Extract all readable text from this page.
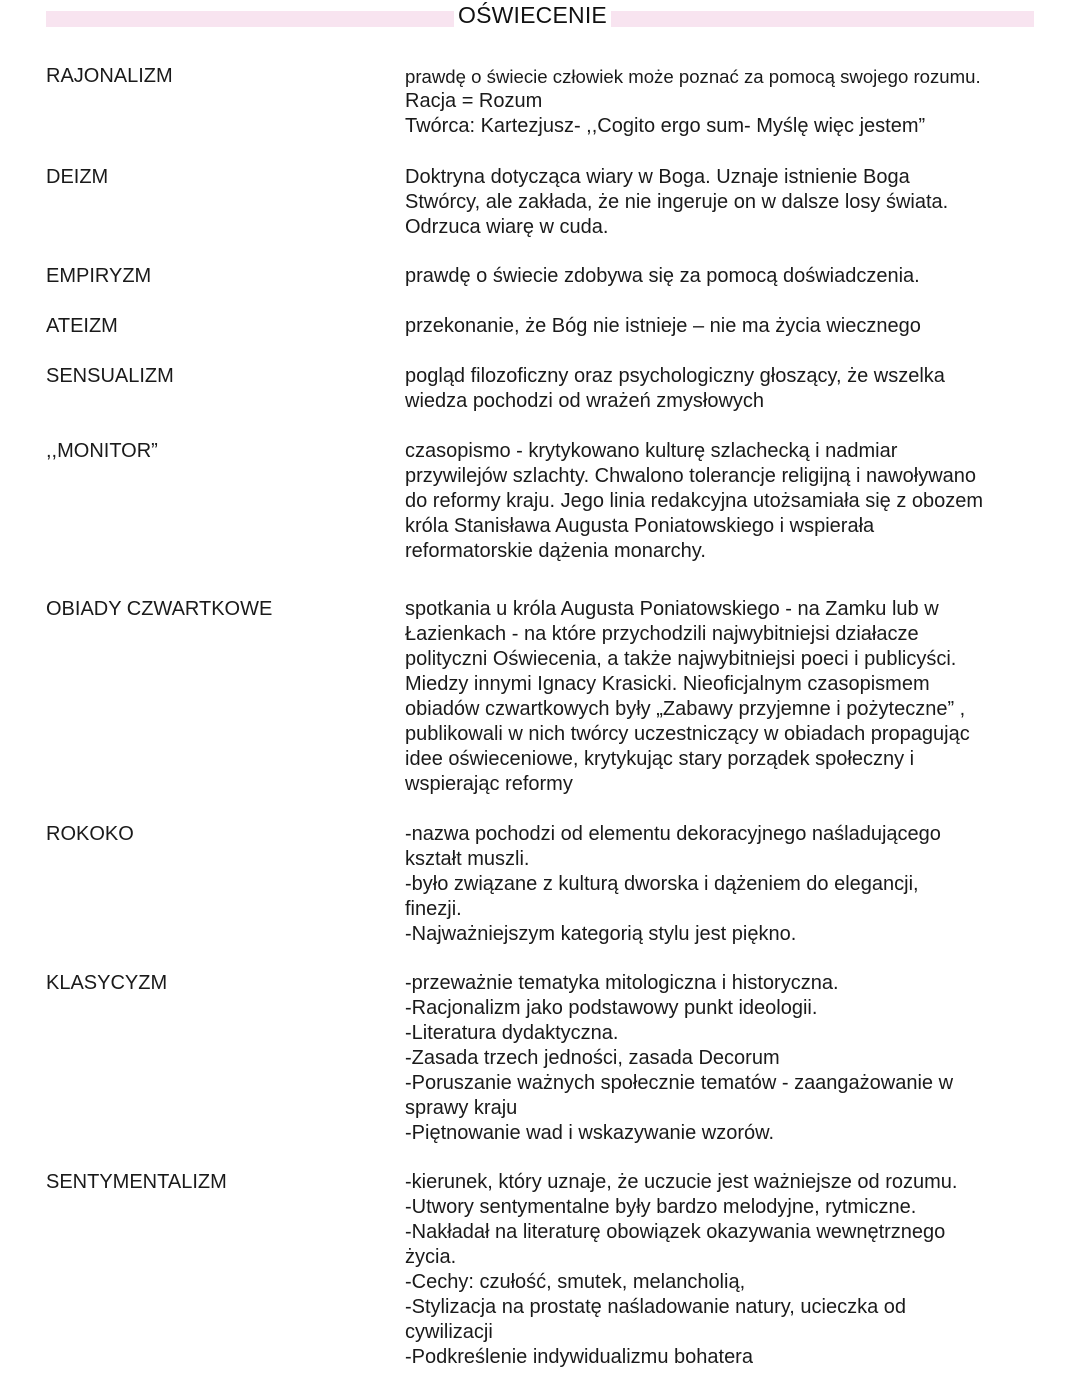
OŚWIECENIE
RAJONALIZM	prawdę o świecie człowiek może poznać za pomocą swojego rozumu.
Racja = Rozum
Twórca: Kartezjusz- ,,Cogito ergo sum- Myślę więc jestem”
DEIZM	Doktryna dotycząca wiary w Boga. Uznaje istnienie Boga
Stwórcy, ale zakłada, że nie ingeruje on w dalsze losy świata.
Odrzuca wiarę w cuda.
EMPIRYZM	prawdę o świecie zdobywa się za pomocą doświadczenia.
ATEIZM	przekonanie, że Bóg nie istnieje – nie ma życia wiecznego
SENSUALIZM	pogląd filozoficzny oraz psychologiczny głoszący, że wszelka
wiedza pochodzi od wrażeń zmysłowych
,,MONITOR”	czasopismo - krytykowano kulturę szlachecką i nadmiar
przywilejów szlachty. Chwalono tolerancje religijną i nawoływano
do reformy kraju. Jego linia redakcyjna utożsamiała się z obozem
króla Stanisława Augusta Poniatowskiego i wspierała
reformatorskie dążenia monarchy.
OBIADY CZWARTKOWE	spotkania u króla Augusta Poniatowskiego - na Zamku lub w
Łazienkach - na które przychodzili najwybitniejsi działacze
polityczni Oświecenia, a także najwybitniejsi poeci i publicyści.
Miedzy innymi Ignacy Krasicki. Nieoficjalnym czasopismem
obiadów czwartkowych były „Zabawy przyjemne i pożyteczne” ,
publikowali w nich twórcy uczestniczący w obiadach propagując
idee oświeceniowe, krytykując stary porządek społeczny i
wspierając reformy
ROKOKO	-nazwa pochodzi od elementu dekoracyjnego naśladującego
kształt muszli.
-było związane z kulturą dworska i dążeniem do elegancji,
finezji.
-Najważniejszym kategorią stylu jest piękno.
KLASYCYZM	-przeważnie tematyka mitologiczna i historyczna.
-Racjonalizm jako podstawowy punkt ideologii.
-Literatura dydaktyczna.
-Zasada trzech jedności, zasada Decorum
-Poruszanie ważnych społecznie tematów - zaangażowanie w
sprawy kraju
-Piętnowanie wad i wskazywanie wzorów.
SENTYMENTALIZM	-kierunek, który uznaje, że uczucie jest ważniejsze od rozumu.
-Utwory sentymentalne były bardzo melodyjne, rytmiczne.
-Nakładał na literaturę obowiązek okazywania wewnętrznego
życia.
-Cechy: czułość, smutek, melancholią,
-Stylizacja na prostatę naśladowanie natury, ucieczka od
cywilizacji
-Podkreślenie indywidualizmu bohatera
